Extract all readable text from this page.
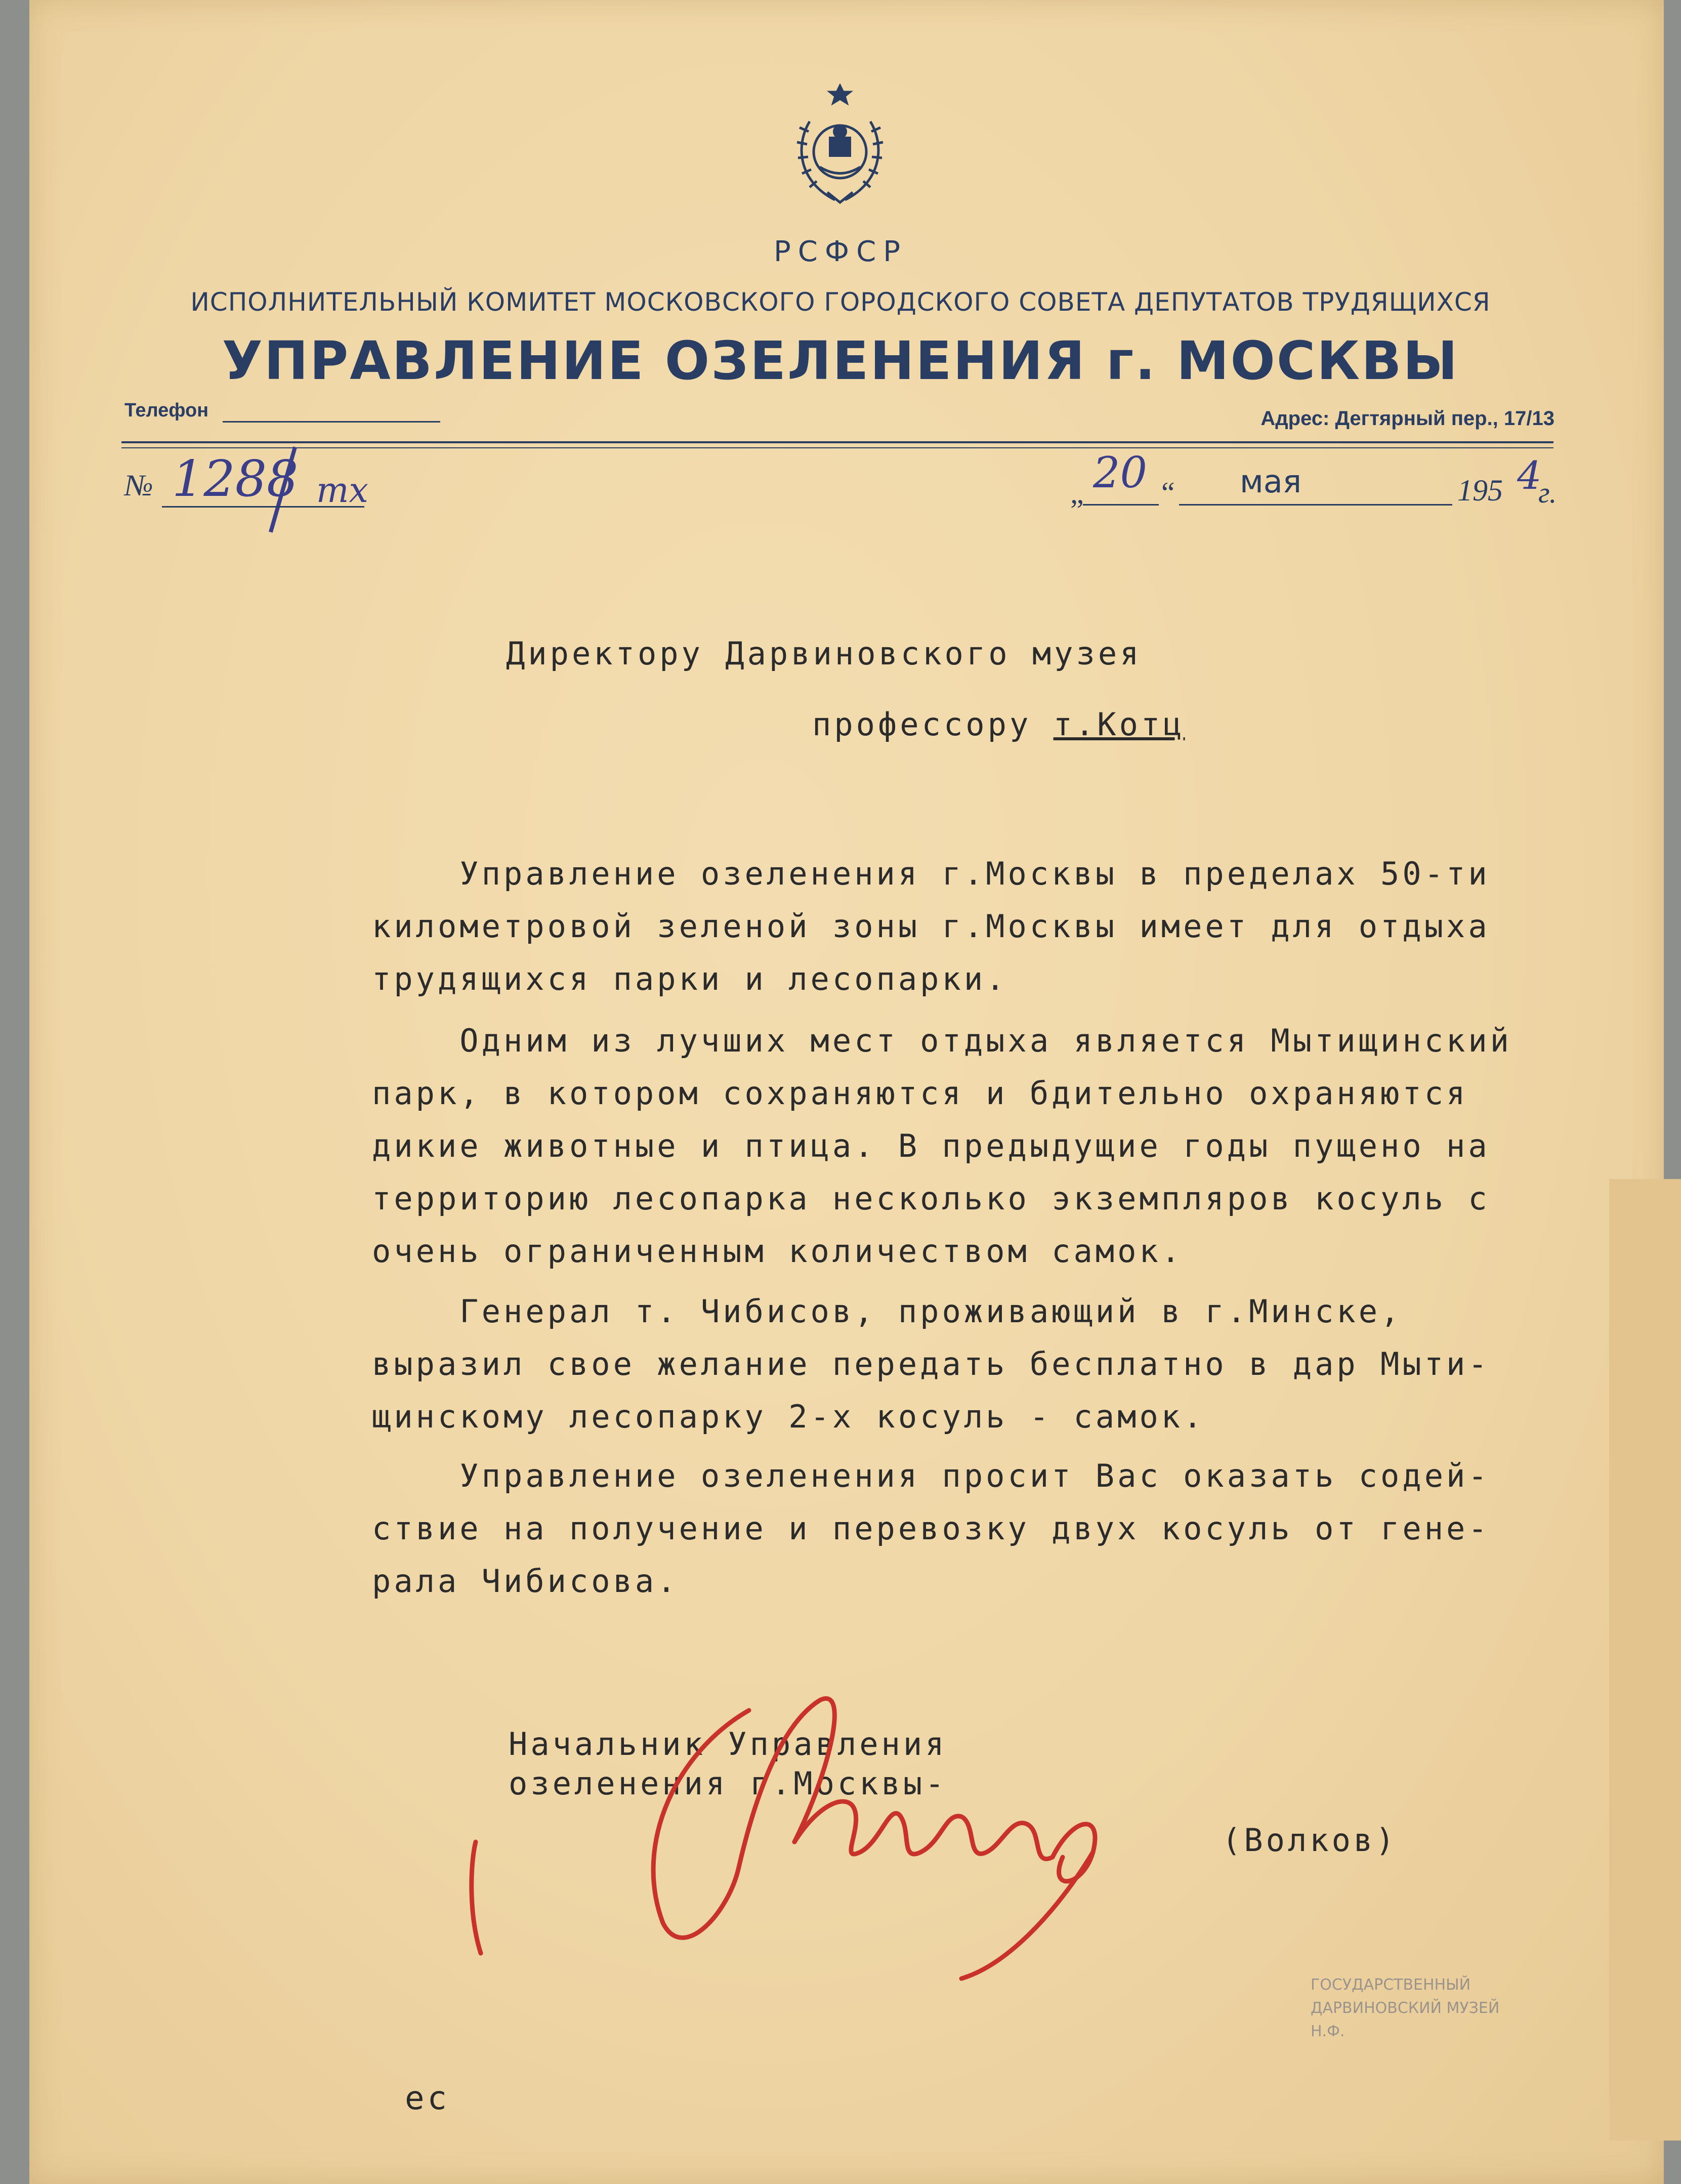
РСФСР
ИСПОЛНИТЕЛЬНЫЙ КОМИТЕТ МОСКОВСКОГО ГОРОДСКОГО СОВЕТА ДЕПУТАТОВ ТРУДЯЩИХСЯ
УПРАВЛЕНИЕ ОЗЕЛЕНЕНИЯ г. МОСКВЫ
Телефон	Адрес: Дегтярный пер., 17/13
№ 1288 mx	„ 20 “ мая	195 4
г.
Директору Дарвиновского музея
профессору т.Котц
Управление озеленения г.Москвы в пределах 50-ти
километровой зеленой зоны г.Москвы имеет для отдыха
трудящихся парки и лесопарки.
Одним из лучших мест отдыха является Мытищинский
парк, в котором сохраняются и бдительно охраняются
дикие животные и птица. В предыдущие годы пущено на
территорию лесопарка несколько экземпляров косуль с
очень ограниченным количеством самок.
Генерал т. Чибисов, проживающий в г.Минске,
выразил свое желание передать бесплатно в дар Мыти-
щинскому лесопарку 2-х косуль - самок.
Управление озеленения просит Вас оказать содей-
ствие на получение и перевозку двух косуль от гене-
рала Чибисова.
Начальник Управления
озеленения г.Москвы-
(Волков)
ес
ГОСУДАРСТВЕННЫЙ
ДАРВИНОВСКИЙ МУЗЕЙ
Н.Ф.
